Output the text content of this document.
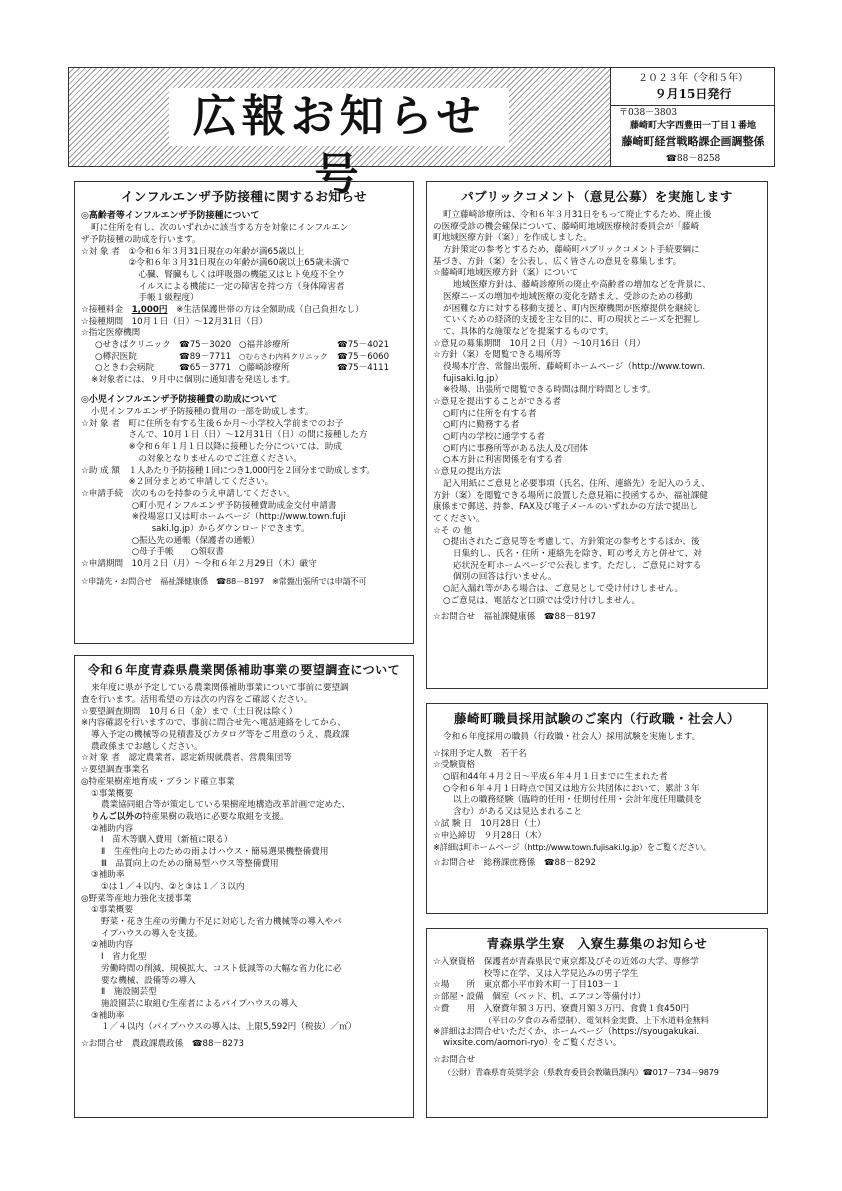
広報お知らせ号
２０２３年（令和５年）
９月15日発行
〒038－3803
藤崎町大字西豊田一丁目１番地
藤崎町経営戦略課企画調整係
☎88－8258
インフルエンザ予防接種に関するお知らせ
◎高齢者等インフルエンザ予防接種について

町に住所を有し、次のいずれかに該当する方を対象にインフルエン

ザ予防接種の助成を行います。

☆対 象 者　 ①令和６年３月31日現在の年齢が満65歳以上

②令和６年３月31日現在の年齢が満60歳以上65歳未満で

心臓、腎臓もしくは呼吸器の機能又はヒト免疫不全ウ

イルスによる機能に一定の障害を持つ方（身体障害者

手帳１級程度）

☆接種料金　1,000円　※生活保護世帯の方は全額助成（自己負担なし）

☆接種期間　10月１日（日）～12月31日（日）

☆指定医療機関

○せきばクリニック ☎75－3020 ○福井診療所	☎75－4021
○樽沢医院	☎89－7711	○むらさわ内科クリニック	☎75－6060
○ときわ会病院	☎65－3771 ○藤崎診療所	☎75－4111

※対象者には、９月中に個別に通知書を発送します。

◎小児インフルエンザ予防接種費の助成について

小児インフルエンザ予防接種の費用の一部を助成します。

☆対 象 者　 町に住所を有する生後６か月～小学校入学前までのお子

さんで、10月１日（日）～12月31日（日）の間に接種した方

※令和６年１月１日以降に接種した分については、助成

の対象となりませんのでご注意ください。

☆助 成 額　 １人あたり予防接種１回につき1,000円を２回分まで助成します。

※２回分まとめて申請してください。

☆申請手続　 次のものを持参のうえ申請してください。

○町小児インフルエンザ予防接種費助成金交付申請書

※役場窓口又は町ホームページ（http://www.town.fuji

saki.lg.jp）からダウンロードできます。

○振込先の通帳（保護者の通帳）

○母子手帳　　○領収書

☆申請期間　10月２日（月）～令和６年２月29日（木）厳守

☆申請先・お問合せ　福祉課健康係　☎88－8197　※常盤出張所では申請不可

令和６年度青森県農業関係補助事業の要望調査について

来年度に県が予定している農業関係補助事業について事前に要望調

査を行います。活用希望の方は次の内容をご確認ください。

☆要望調査期間　10月６日（金）まで（土日祝は除く）

※内容確認を行いますので、事前に問合せ先へ電話連絡をしてから、

導入予定の機械等の見積書及びカタログ等をご用意のうえ、農政課

農政係までお越しください。

☆対 象 者　認定農業者、認定新規就農者、営農集団等

☆要望調査事業名

◎特産果樹産地育成・ブランド確立事業

①事業概要

農業協同組合等が策定している果樹産地構造改革計画で定めた、

りんご以外の特産果樹の栽培に必要な取組を支援。

②補助内容

Ⅰ　苗木等購入費用（新植に限る）

Ⅱ　生産性向上のための雨よけハウス・簡易選果機整備費用

Ⅲ　品質向上のための簡易型ハウス等整備費用

③補助率

①は１／４以内、②と③は１／３以内

◎野菜等産地力強化支援事業

①事業概要

野菜・花き生産の労働力不足に対応した省力機械等の導入やパ

イプハウスの導入を支援。

②補助内容

Ⅰ　省力化型

労働時間の削減、規模拡大、コスト低減等の大幅な省力化に必

要な機械、設備等の導入

Ⅱ　施設園芸型

施設園芸に取組む生産者によるパイプハウスの導入

③補助率

１／４以内（パイプハウスの導入は、上限5,592円（税抜）／㎡）

☆お問合せ　農政課農政係　☎88－8273

パブリックコメント（意見公募）を実施します

町立藤崎診療所は、令和６年３月31日をもって廃止するため、廃止後

の医療受診の機会確保について、藤崎町地域医療検討委員会が「藤崎

町地域医療方針（案）」を作成しました。

方針策定の参考とするため、藤崎町パブリックコメント手続要綱に

基づき、方針（案）を公表し、広く皆さんの意見を募集します。

☆藤崎町地域医療方針（案）について

地域医療方針は、藤崎診療所の廃止や高齢者の増加などを背景に、

医療ニーズの増加や地域医療の変化を踏まえ、受診のための移動

が困難な方に対する移動支援と、町内医療機関が医療提供を継続し

ていくための経済的支援を主な目的に、町の現状とニーズを把握し

て、具体的な施策などを提案するものです。

☆意見の募集期間　10月２日（月）～10月16日（月）

☆方針（案）を閲覧できる場所等

役場本庁舎、常盤出張所、藤崎町ホームページ（http://www.town.

fujisaki.lg.jp）

※役場、出張所で閲覧できる時間は開庁時間とします。

☆意見を提出することができる者

○町内に住所を有する者

○町内に勤務する者

○町内の学校に通学する者

○町内に事務所等がある法人及び団体

○本方針に利害関係を有する者

☆意見の提出方法

記入用紙にご意見と必要事項（氏名、住所、連絡先）を記入のうえ、

方針（案）を閲覧できる場所に設置した意見箱に投函するか、福祉課健

康係まで郵送、持参、FAX及び電子メールのいずれかの方法で提出し

てください。

☆そ の 他

○提出されたご意見等を考慮して、方針策定の参考とするほか、後

日集約し、氏名・住所・連絡先を除き、町の考え方と併せて、対

応状況を町ホームページで公表します。ただし、ご意見に対する

個別の回答は行いません。

○記入漏れ等がある場合は、ご意見として受け付けしません。

○ご意見は、電話など口頭では受け付けしません。

☆お問合せ　福祉課健康係　☎88－8197

藤崎町職員採用試験のご案内（行政職・社会人）

令和６年度採用の職員（行政職・社会人）採用試験を実施します。

☆採用予定人数　若干名

☆受験資格

○昭和44年４月２日～平成６年４月１日までに生まれた者

○令和６年４月１日時点で国又は地方公共団体において、累計３年

以上の職務経験（臨時的任用・任期付任用・会計年度任用職員を

含む）がある又は見込まれること

☆試 験 日　10月28日（土）

☆申込締切　９月28日（木）

※詳細は町ホームページ（http://www.town.fujisaki.lg.jp）をご覧ください。

☆お問合せ　総務課庶務係　☎88－8292

青森県学生寮　入寮生募集のお知らせ
☆入寮資格　 保護者が青森県民で東京都及びその近郊の大学、専修学

校等に在学、又は入学見込みの男子学生

☆場　　所　東京都小平市鈴木町一丁目103－１

☆部屋・設備　個室（ベッド、机、エアコン等備付け）

☆費　　用　 入寮費年額３万円、寮費月額３万円、食費１食450円

（平日の夕食のみ希望制）、電気料金実費、上下水道料金無料

※詳細はお問合せいただくか、ホームページ（https://syougakukai.

wixsite.com/aomori-ryo）をご覧ください。

☆お問合せ

（公財）青森県育英奨学会（県教育委員会教職員課内）☎017－734－9879
